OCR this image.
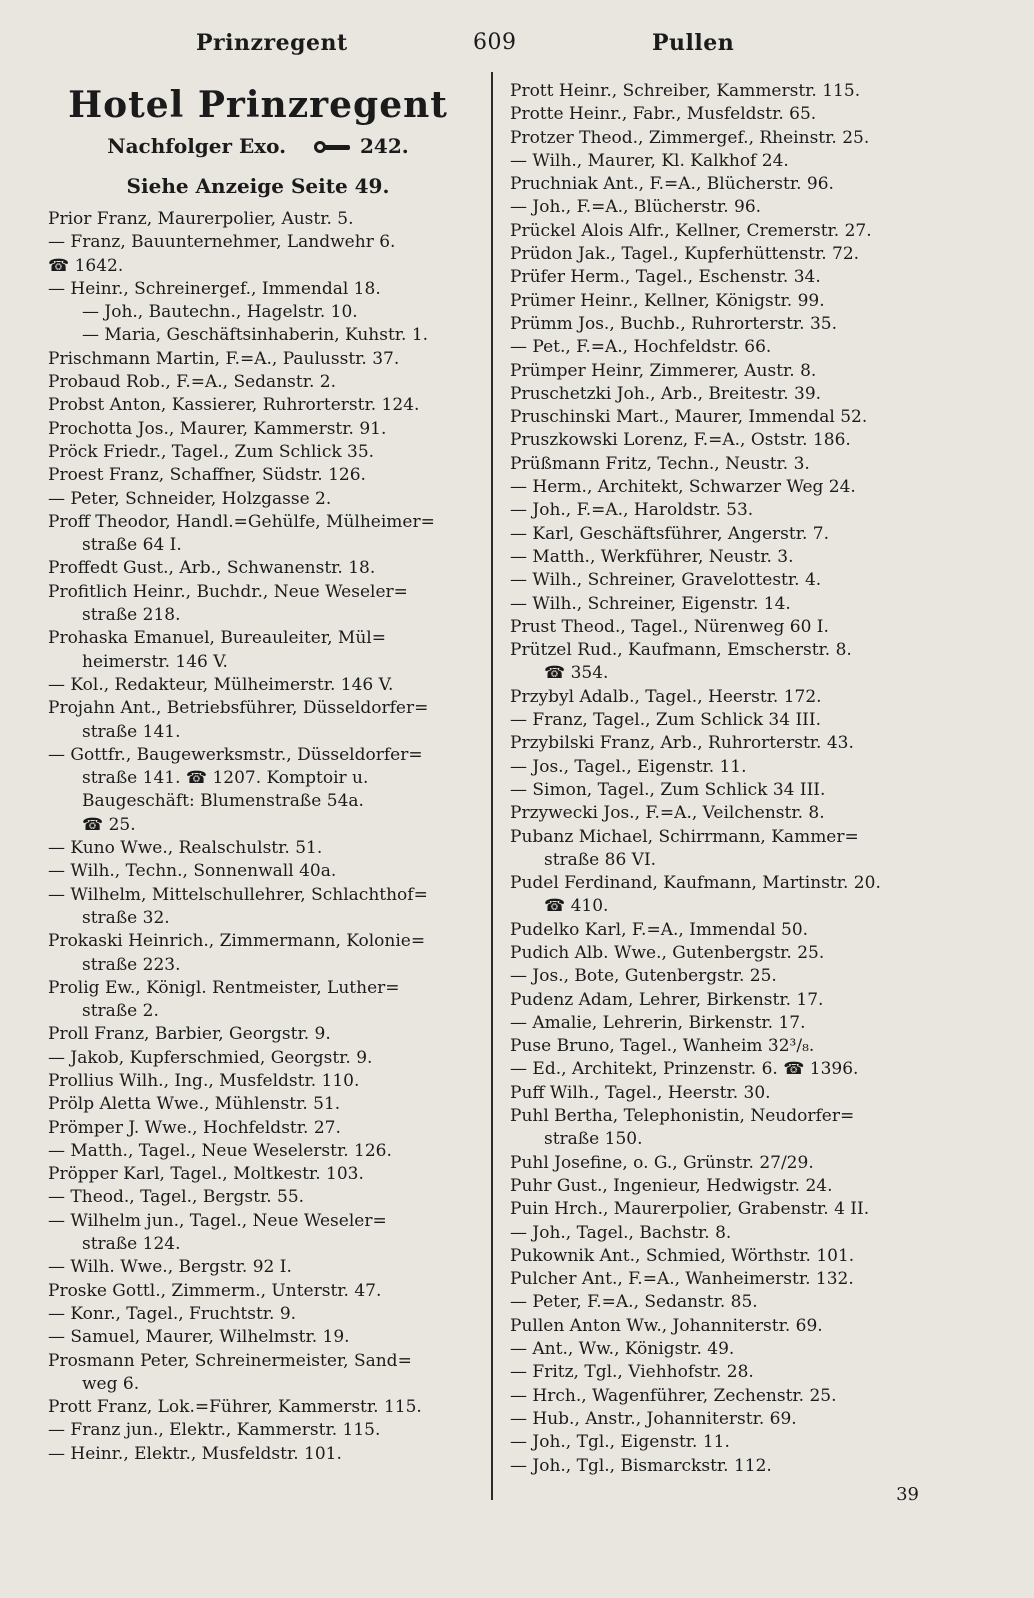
Prinzregent	609	Pullen
Hotel Prinzregent
Nachfolger Exo.	242.
Siehe Anzeige Seite 49.
Prior Franz, Maurerpolier, Austr. 5.
— Franz, Bauunternehmer, Landwehr 6.
☎ 1642.
— Heinr., Schreinergef., Immendal 18.
— Joh., Bautechn., Hagelstr. 10.
— Maria, Geschäftsinhaberin, Kuhstr. 1.
Prischmann Martin, F.=A., Paulusstr. 37.
Probaud Rob., F.=A., Sedanstr. 2.
Probst Anton, Kassierer, Ruhrorterstr. 124.
Prochotta Jos., Maurer, Kammerstr. 91.
Pröck Friedr., Tagel., Zum Schlick 35.
Proest Franz, Schaffner, Südstr. 126.
— Peter, Schneider, Holzgasse 2.
Proff Theodor, Handl.=Gehülfe, Mülheimer=
straße 64 I.
Proffedt Gust., Arb., Schwanenstr. 18.
Profitlich Heinr., Buchdr., Neue Weseler=
straße 218.
Prohaska Emanuel, Bureauleiter, Mül=
heimerstr. 146 V.
— Kol., Redakteur, Mülheimerstr. 146 V.
Projahn Ant., Betriebsführer, Düsseldorfer=
straße 141.
— Gottfr., Baugewerksmstr., Düsseldorfer=
straße 141. ☎ 1207. Komptoir u.
Baugeschäft: Blumenstraße 54a.
☎ 25.
— Kuno Wwe., Realschulstr. 51.
— Wilh., Techn., Sonnenwall 40a.
— Wilhelm, Mittelschullehrer, Schlachthof=
straße 32.
Prokaski Heinrich., Zimmermann, Kolonie=
straße 223.
Prolig Ew., Königl. Rentmeister, Luther=
straße 2.
Proll Franz, Barbier, Georgstr. 9.
— Jakob, Kupferschmied, Georgstr. 9.
Prollius Wilh., Ing., Musfeldstr. 110.
Prölp Aletta Wwe., Mühlenstr. 51.
Prömper J. Wwe., Hochfeldstr. 27.
— Matth., Tagel., Neue Weselerstr. 126.
Pröpper Karl, Tagel., Moltkestr. 103.
— Theod., Tagel., Bergstr. 55.
— Wilhelm jun., Tagel., Neue Weseler=
straße 124.
— Wilh. Wwe., Bergstr. 92 I.
Proske Gottl., Zimmerm., Unterstr. 47.
— Konr., Tagel., Fruchtstr. 9.
— Samuel, Maurer, Wilhelmstr. 19.
Prosmann Peter, Schreinermeister, Sand=
weg 6.
Prott Franz, Lok.=Führer, Kammerstr. 115.
— Franz jun., Elektr., Kammerstr. 115.
— Heinr., Elektr., Musfeldstr. 101.
Prott Heinr., Schreiber, Kammerstr. 115.
Protte Heinr., Fabr., Musfeldstr. 65.
Protzer Theod., Zimmergef., Rheinstr. 25.
— Wilh., Maurer, Kl. Kalkhof 24.
Pruchniak Ant., F.=A., Blücherstr. 96.
— Joh., F.=A., Blücherstr. 96.
Prückel Alois Alfr., Kellner, Cremerstr. 27.
Prüdon Jak., Tagel., Kupferhüttenstr. 72.
Prüfer Herm., Tagel., Eschenstr. 34.
Prümer Heinr., Kellner, Königstr. 99.
Prümm Jos., Buchb., Ruhrorterstr. 35.
— Pet., F.=A., Hochfeldstr. 66.
Prümper Heinr, Zimmerer, Austr. 8.
Pruschetzki Joh., Arb., Breitestr. 39.
Pruschinski Mart., Maurer, Immendal 52.
Pruszkowski Lorenz, F.=A., Oststr. 186.
Prüßmann Fritz, Techn., Neustr. 3.
— Herm., Architekt, Schwarzer Weg 24.
— Joh., F.=A., Haroldstr. 53.
— Karl, Geschäftsführer, Angerstr. 7.
— Matth., Werkführer, Neustr. 3.
— Wilh., Schreiner, Gravelottestr. 4.
— Wilh., Schreiner, Eigenstr. 14.
Prust Theod., Tagel., Nürenweg 60 I.
Prützel Rud., Kaufmann, Emscherstr. 8.
☎ 354.
Przybyl Adalb., Tagel., Heerstr. 172.
— Franz, Tagel., Zum Schlick 34 III.
Przybilski Franz, Arb., Ruhrorterstr. 43.
— Jos., Tagel., Eigenstr. 11.
— Simon, Tagel., Zum Schlick 34 III.
Przywecki Jos., F.=A., Veilchenstr. 8.
Pubanz Michael, Schirrmann, Kammer=
straße 86 VI.
Pudel Ferdinand, Kaufmann, Martinstr. 20.
☎ 410.
Pudelko Karl, F.=A., Immendal 50.
Pudich Alb. Wwe., Gutenbergstr. 25.
— Jos., Bote, Gutenbergstr. 25.
Pudenz Adam, Lehrer, Birkenstr. 17.
— Amalie, Lehrerin, Birkenstr. 17.
Puse Bruno, Tagel., Wanheim 32³/₈.
— Ed., Architekt, Prinzenstr. 6. ☎ 1396.
Puff Wilh., Tagel., Heerstr. 30.
Puhl Bertha, Telephonistin, Neudorfer=
straße 150.
Puhl Josefine, o. G., Grünstr. 27/29.
Puhr Gust., Ingenieur, Hedwigstr. 24.
Puin Hrch., Maurerpolier, Grabenstr. 4 II.
— Joh., Tagel., Bachstr. 8.
Pukownik Ant., Schmied, Wörthstr. 101.
Pulcher Ant., F.=A., Wanheimerstr. 132.
— Peter, F.=A., Sedanstr. 85.
Pullen Anton Ww., Johanniterstr. 69.
— Ant., Ww., Königstr. 49.
— Fritz, Tgl., Viehhofstr. 28.
— Hrch., Wagenführer, Zechenstr. 25.
— Hub., Anstr., Johanniterstr. 69.
— Joh., Tgl., Eigenstr. 11.
— Joh., Tgl., Bismarckstr. 112.
39
